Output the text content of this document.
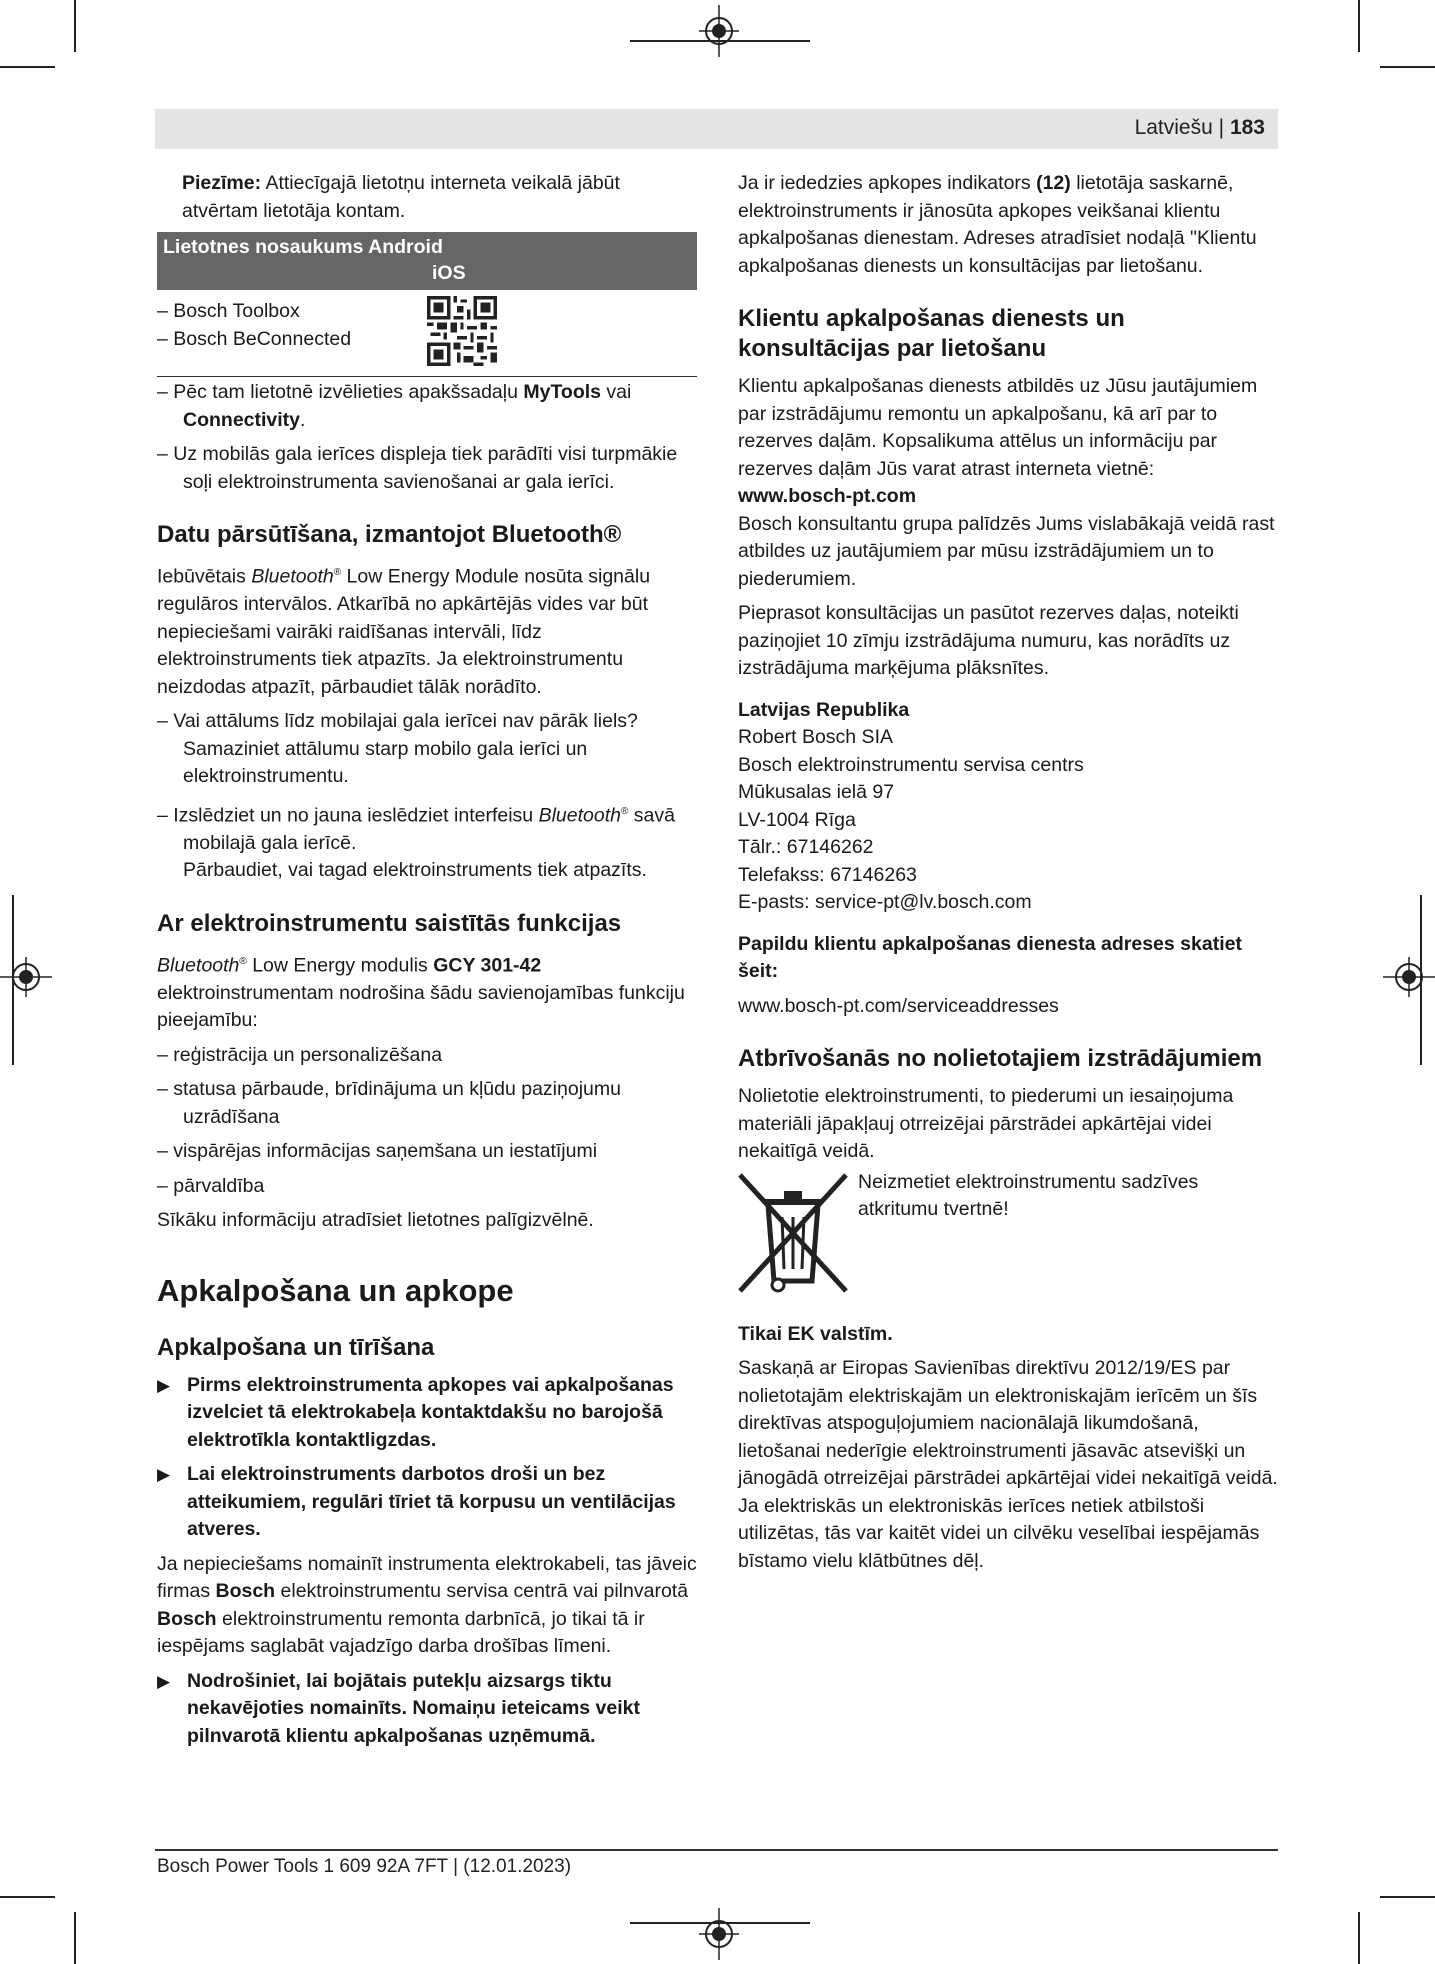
Latviešu | 183

Piezīme: Attiecīgajā lietotņu interneta veikalā jābūt atvērtam lietotāja kontam.

Lietotnes nosaukums Android
iOS
– Bosch Toolbox
– Bosch BeConnected

– Pēc tam lietotnē izvēlieties apakšsadaļu MyTools vai Connectivity.

– Uz mobilās gala ierīces displeja tiek parādīti visi turpmākie soļi elektroinstrumenta savienošanai ar gala ierīci.

Datu pārsūtīšana, izmantojot Bluetooth®

Iebūvētais Bluetooth® Low Energy Module nosūta signālu regulāros intervālos. Atkarībā no apkārtējās vides var būt nepieciešami vairāki raidīšanas intervāli, līdz elektroinstruments tiek atpazīts. Ja elektroinstrumentu neizdodas atpazīt, pārbaudiet tālāk norādīto.

– Vai attālums līdz mobilajai gala ierīcei nav pārāk liels? Samaziniet attālumu starp mobilo gala ierīci un elektroinstrumentu.

– Izslēdziet un no jauna ieslēdziet interfeisu Bluetooth® savā mobilajā gala ierīcē.
Pārbaudiet, vai tagad elektroinstruments tiek atpazīts.

Ar elektroinstrumentu saistītās funkcijas

Bluetooth® Low Energy modulis GCY 301-42 elektroinstrumentam nodrošina šādu savienojamības funkciju pieejamību:

– reģistrācija un personalizēšana

– statusa pārbaude, brīdinājuma un kļūdu paziņojumu uzrādīšana

– vispārējas informācijas saņemšana un iestatījumi

– pārvaldība

Sīkāku informāciju atradīsiet lietotnes palīgizvēlnē.

Apkalpošana un apkope
Apkalpošana un tīrīšana

▶ Pirms elektroinstrumenta apkopes vai apkalpošanas izvelciet tā elektrokabeļa kontaktdakšu no barojošā elektrotīkla kontaktligzdas.

▶ Lai elektroinstruments darbotos droši un bez atteikumiem, regulāri tīriet tā korpusu un ventilācijas atveres.

Ja nepieciešams nomainīt instrumenta elektrokabeli, tas jāveic firmas Bosch elektroinstrumentu servisa centrā vai pilnvarotā Bosch elektroinstrumentu remonta darbnīcā, jo tikai tā ir iespējams saglabāt vajadzīgo darba drošības līmeni.

▶ Nodrošiniet, lai bojātais putekļu aizsargs tiktu nekavējoties nomainīts. Nomaiņu ieteicams veikt pilnvarotā klientu apkalpošanas uzņēmumā.

Ja ir iededzies apkopes indikators (12) lietotāja saskarnē, elektroinstruments ir jānosūta apkopes veikšanai klientu apkalpošanas dienestam. Adreses atradīsiet nodaļā "Klientu apkalpošanas dienests un konsultācijas par lietošanu.

Klientu apkalpošanas dienests un konsultācijas par lietošanu

Klientu apkalpošanas dienests atbildēs uz Jūsu jautājumiem par izstrādājumu remontu un apkalpošanu, kā arī par to rezerves daļām. Kopsalikuma attēlus un informāciju par rezerves daļām Jūs varat atrast interneta vietnē:
www.bosch-pt.com
Bosch konsultantu grupa palīdzēs Jums vislabākajā veidā rast atbildes uz jautājumiem par mūsu izstrādājumiem un to piederumiem.

Pieprasot konsultācijas un pasūtot rezerves daļas, noteikti paziņojiet 10 zīmju izstrādājuma numuru, kas norādīts uz izstrādājuma marķējuma plāksnītes.

Latvijas Republika
Robert Bosch SIA
Bosch elektroinstrumentu servisa centrs
Mūkusalas ielā 97
LV-1004 Rīga
Tālr.: 67146262
Telefakss: 67146263
E-pasts: service-pt@lv.bosch.com

Papildu klientu apkalpošanas dienesta adreses skatiet šeit:

www.bosch-pt.com/serviceaddresses

Atbrīvošanās no nolietotajiem izstrādājumiem

Nolietotie elektroinstrumenti, to piederumi un iesaiņojuma materiāli jāpakļauj otrreizējai pārstrādei apkārtējai videi nekaitīgā veidā.

Neizmetiet elektroinstrumentu sadzīves atkritumu tvertnē!

Tikai EK valstīm.

Saskaņā ar Eiropas Savienības direktīvu 2012/19/ES par nolietotajām elektriskajām un elektroniskajām ierīcēm un šīs direktīvas atspoguļojumiem nacionālajā likumdošanā, lietošanai nederīgie elektroinstrumenti jāsavāc atsevišķi un jānogādā otrreizējai pārstrādei apkārtējai videi nekaitīgā veidā.

Ja elektriskās un elektroniskās ierīces netiek atbilstoši utilizētas, tās var kaitēt videi un cilvēku veselībai iespējamās bīstamo vielu klātbūtnes dēļ.

Bosch Power Tools 1 609 92A 7FT | (12.01.2023)
